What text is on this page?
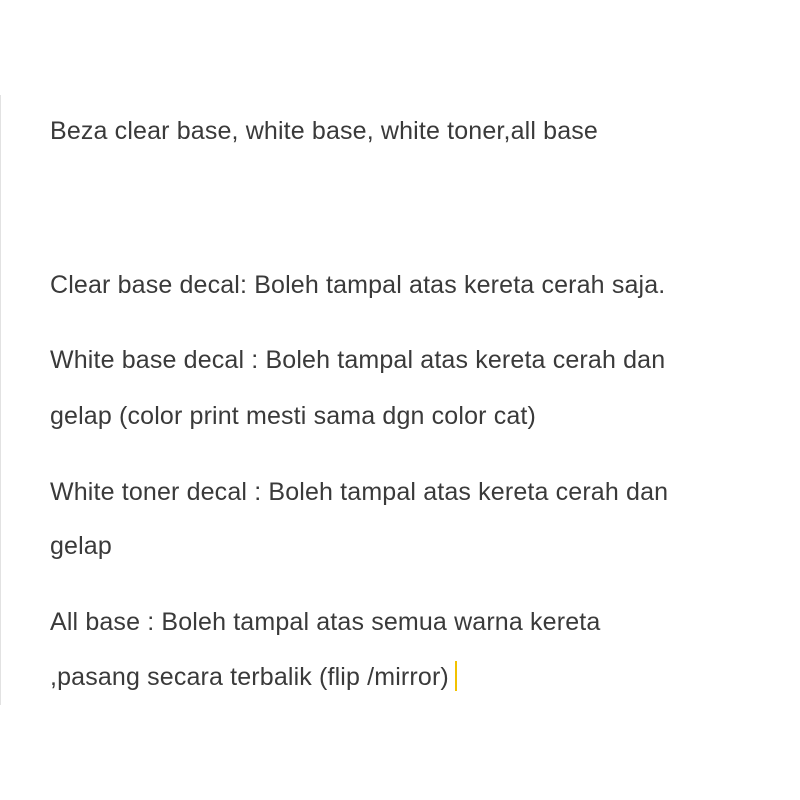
Beza clear base, white base, white toner,all base
Clear base decal: Boleh tampal atas kereta cerah saja.
White base decal : Boleh tampal atas kereta cerah dan
gelap (color print mesti sama dgn color cat)
White toner decal : Boleh tampal atas kereta cerah dan
gelap
All base : Boleh tampal atas semua warna kereta
,pasang secara terbalik (flip /mirror)
